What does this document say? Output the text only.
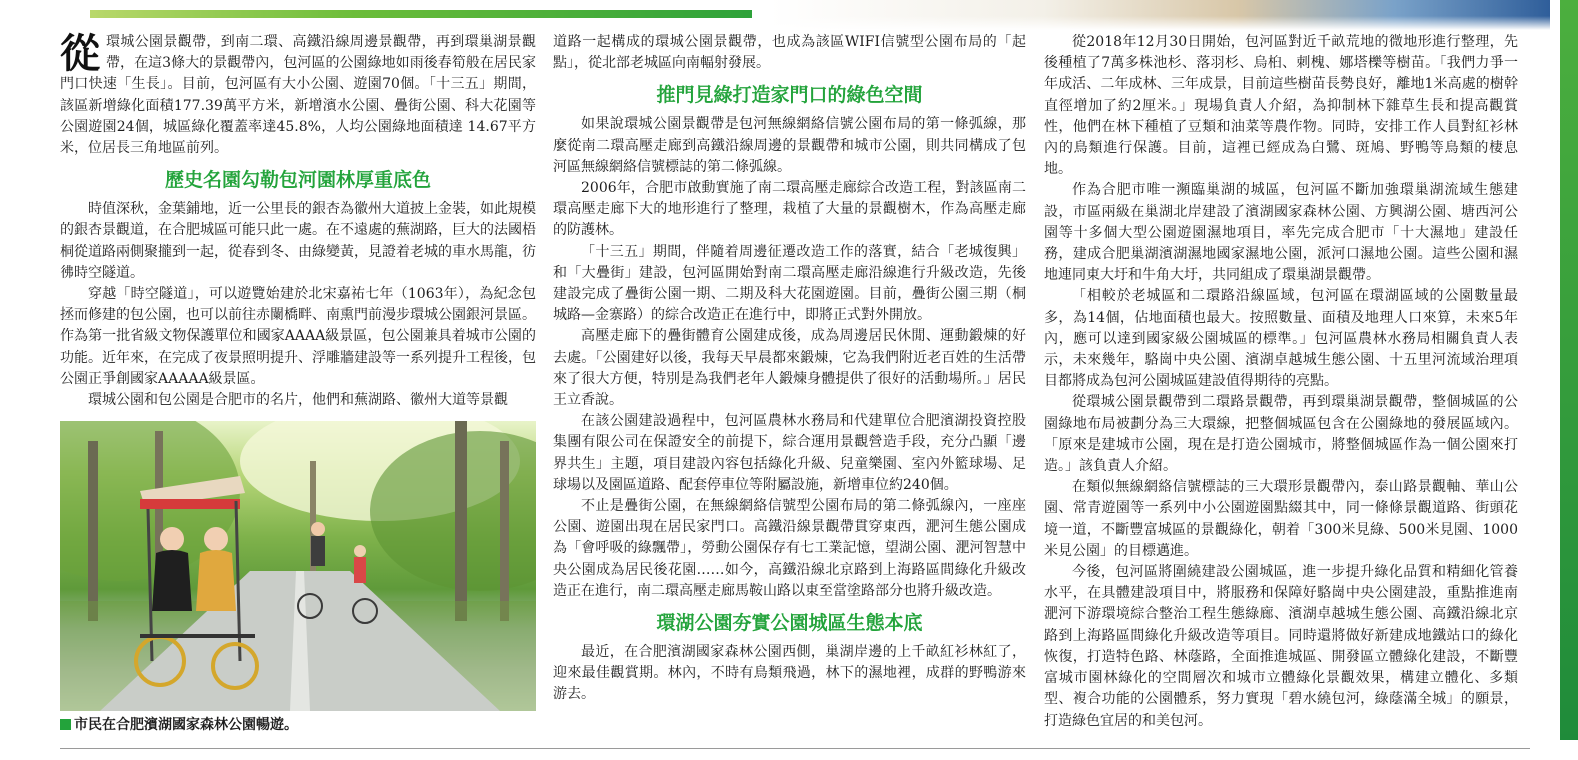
從環城公園景觀帶，到南二環、高鐵沿線周邊景觀帶，再到環巢湖景觀帶，在這3條大的景觀帶內，包河區的公園綠地如雨後春筍般在居民家門口快速「生長」。目前，包河區有大小公園、遊園70個。「十三五」期間，該區新增綠化面積177.39萬平方米，新增濱水公園、疊街公園、科大花園等公園遊園24個，城區綠化覆蓋率達45.8%，人均公園綠地面積達 14.67平方米，位居長三角地區前列。

歷史名園勾勒包河園林厚重底色

時值深秋，金葉鋪地，近一公里長的銀杏為徽州大道披上金裝，如此規模的銀杏景觀道，在合肥城區可能只此一處。在不遠處的蕪湖路，巨大的法國梧桐從道路兩側聚攏到一起，從春到冬、由綠變黃，見證着老城的車水馬龍，彷彿時空隧道。

穿越「時空隧道」，可以遊覽始建於北宋嘉祐七年（1063年），為紀念包拯而修建的包公園，也可以前往赤闌橋畔、南熏門前漫步環城公園銀河景區。作為第一批省級文物保護單位和國家AAAA級景區，包公園兼具着城市公園的功能。近年來，在完成了夜景照明提升、浮雕牆建設等一系列提升工程後，包公園正爭創國家AAAAA級景區。

環城公園和包公園是合肥市的名片，他們和蕪湖路、徽州大道等景觀

市民在合肥濱湖國家森林公園暢遊。

道路一起構成的環城公園景觀帶，也成為該區WIFI信號型公園布局的「起點」，從北部老城區向南輻射發展。

推門見綠打造家門口的綠色空間

如果說環城公園景觀帶是包河無線網絡信號公園布局的第一條弧線，那麼從南二環高壓走廊到高鐵沿線周邊的景觀帶和城市公園，則共同構成了包河區無線網絡信號標誌的第二條弧線。

2006年，合肥市啟動實施了南二環高壓走廊綜合改造工程，對該區南二環高壓走廊下大的地形進行了整理，栽植了大量的景觀樹木，作為高壓走廊的防護林。

「十三五」期間，伴隨着周邊征遷改造工作的落實，結合「老城復興」和「大疊街」建設，包河區開始對南二環高壓走廊沿線進行升級改造，先後建設完成了疊街公園一期、二期及科大花園遊園。目前，疊街公園三期（桐城路—金寨路）的綜合改造正在進行中，即將正式對外開放。

高壓走廊下的疊街體育公園建成後，成為周邊居民休閒、運動鍛煉的好去處。「公園建好以後，我每天早晨都來鍛煉，它為我們附近老百姓的生活帶來了很大方便，特別是為我們老年人鍛煉身體提供了很好的活動場所。」居民王立香說。

在該公園建設過程中，包河區農林水務局和代建單位合肥濱湖投資控股集團有限公司在保證安全的前提下，綜合運用景觀營造手段，充分凸顯「邊界共生」主題，項目建設內容包括綠化升級、兒童樂園、室內外籃球場、足球場以及園區道路、配套停車位等附屬設施，新增車位約240個。

不止是疊街公園，在無線網絡信號型公園布局的第二條弧線內，一座座公園、遊園出現在居民家門口。高鐵沿線景觀帶貫穿東西，淝河生態公園成為「會呼吸的綠飄帶」，勞動公園保存有七工業記憶，望湖公園、淝河智慧中央公園成為居民後花園……如今，高鐵沿線北京路到上海路區間綠化升級改造正在進行，南二環高壓走廊馬鞍山路以東至當塗路部分也將升級改造。

環湖公園夯實公園城區生態本底

最近，在合肥濱湖國家森林公園西側，巢湖岸邊的上千畝紅衫林紅了，迎來最佳觀賞期。林內，不時有鳥類飛過，林下的濕地裡，成群的野鴨游來游去。

從2018年12月30日開始，包河區對近千畝荒地的微地形進行整理，先後種植了7萬多株池杉、落羽杉、烏桕、刺槐、娜塔櫟等樹苗。「我們力爭一年成活、二年成林、三年成景，目前這些樹苗長勢良好，離地1米高處的樹幹直徑增加了約2厘米。」現場負責人介紹，為抑制林下雜草生長和提高觀賞性，他們在林下種植了豆類和油菜等農作物。同時，安排工作人員對紅衫林內的鳥類進行保護。目前，這裡已經成為白鷺、斑鳩、野鴨等鳥類的棲息地。

作為合肥市唯一瀕臨巢湖的城區，包河區不斷加強環巢湖流域生態建設，市區兩級在巢湖北岸建設了濱湖國家森林公園、方興湖公園、塘西河公園等十多個大型公園遊園濕地項目，率先完成合肥市「十大濕地」建設任務，建成合肥巢湖濱湖濕地國家濕地公園，派河口濕地公園。這些公園和濕地連同東大圩和牛角大圩，共同組成了環巢湖景觀帶。

「相較於老城區和二環路沿線區域，包河區在環湖區域的公園數量最多，為14個，佔地面積也最大。按照數量、面積及地理人口來算，未來5年內，應可以達到國家級公園城區的標準。」包河區農林水務局相關負責人表示，未來幾年，駱崗中央公園、濱湖卓越城生態公園、十五里河流域治理項目都將成為包河公園城區建設值得期待的亮點。

從環城公園景觀帶到二環路景觀帶，再到環巢湖景觀帶，整個城區的公園綠地布局被劃分為三大環線，把整個城區包含在公園綠地的發展區域內。「原來是建城市公園，現在是打造公園城市，將整個城區作為一個公園來打造。」該負責人介紹。

在類似無線網絡信號標誌的三大環形景觀帶內，泰山路景觀軸、華山公園、常青遊園等一系列中小公園遊園點綴其中，同一條條景觀道路、街頭花境一道，不斷豐富城區的景觀綠化，朝着「300米見綠、500米見園、1000米見公園」的目標邁進。

今後，包河區將圍繞建設公園城區，進一步提升綠化品質和精細化管養水平，在具體建設項目中，將服務和保障好駱崗中央公園建設，重點推進南淝河下游環境綜合整治工程生態綠廊、濱湖卓越城生態公園、高鐵沿線北京路到上海路區間綠化升級改造等項目。同時還將做好新建成地鐵站口的綠化恢復，打造特色路、林蔭路，全面推進城區、開發區立體綠化建設，不斷豐富城市園林綠化的空間層次和城市立體綠化景觀效果，構建立體化、多類型、複合功能的公園體系，努力實現「碧水繞包河，綠蔭滿全城」的願景，打造綠色宜居的和美包河。
